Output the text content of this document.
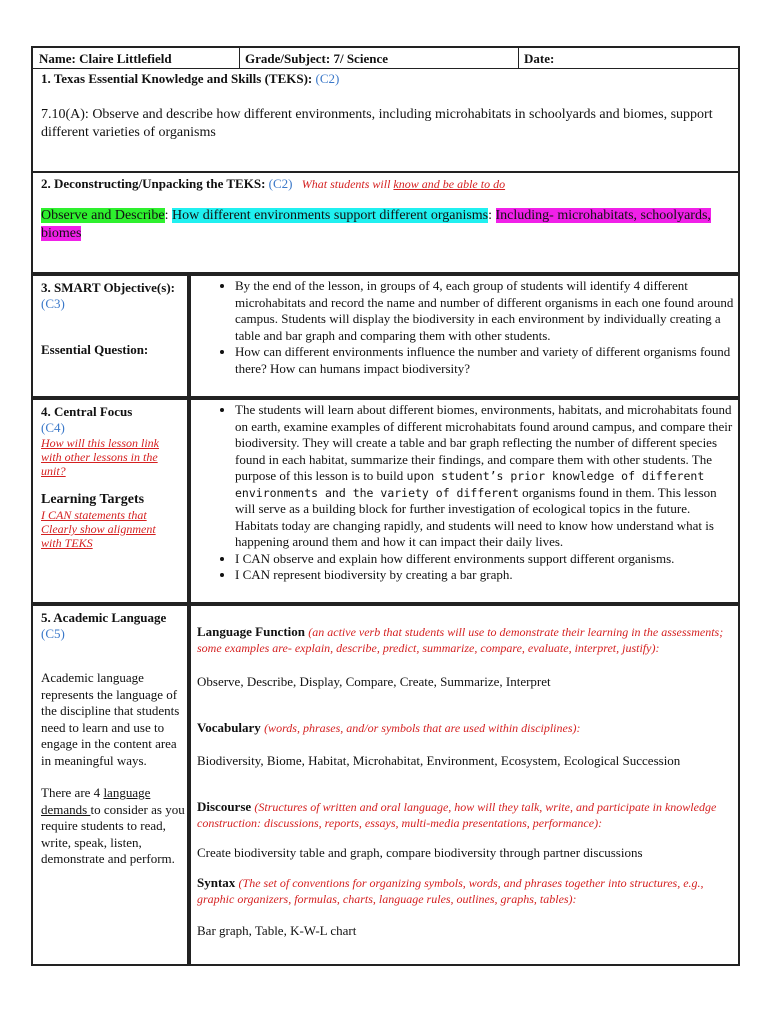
Name: Claire Littlefield	Grade/Subject: 7/ Science	Date:
1. Texas Essential Knowledge and Skills (TEKS): (C2)

7.10(A): Observe and describe how different environments, including microhabitats in schoolyards and biomes, support different varieties of organisms

2. Deconstructing/Unpacking the TEKS: (C2) What students will know and be able to do

Observe and Describe: How different environments support different organisms: Including- microhabitats, schoolyards, biomes

3. SMART Objective(s): (C3)

Essential Question:

• By the end of the lesson, in groups of 4, each group of students will identify 4 different microhabitats and record the name and number of different organisms in each one found around campus. Students will display the biodiversity in each environment by individually creating a table and bar graph and comparing them with other students.
• How can different environments influence the number and variety of different organisms found there? How can humans impact biodiversity?

4. Central Focus

(C4)

How will this lesson link with other lessons in the unit?

Learning Targets

I CAN statements that Clearly show alignment with TEKS

• The students will learn about different biomes, environments, habitats, and microhabitats found on earth, examine examples of different microhabitats found around campus, and compare their biodiversity. They will create a table and bar graph reflecting the number of different species found in each habitat, summarize their findings, and compare them with other students. The purpose of this lesson is to build upon student’s prior knowledge of different environments and the variety of different organisms found in them. This lesson will serve as a building block for further investigation of ecological topics in the future. Habitats today are changing rapidly, and students will need to know how understand what is happening around them and how it can impact their daily lives.
• I CAN observe and explain how different environments support different organisms.
• I CAN represent biodiversity by creating a bar graph.

5. Academic Language

(C5)

Academic language represents the language of the discipline that students need to learn and use to engage in the content area in meaningful ways.

There are 4 language demands to consider as you require students to read, write, speak, listen, demonstrate and perform.

Language Function (an active verb that students will use to demonstrate their learning in the assessments; some examples are- explain, describe, predict, summarize, compare, evaluate, interpret, justify):

Observe, Describe, Display, Compare, Create, Summarize, Interpret

Vocabulary (words, phrases, and/or symbols that are used within disciplines):

Biodiversity, Biome, Habitat, Microhabitat, Environment, Ecosystem, Ecological Succession

Discourse (Structures of written and oral language, how will they talk, write, and participate in knowledge construction: discussions, reports, essays, multi-media presentations, performance):

Create biodiversity table and graph, compare biodiversity through partner discussions

Syntax (The set of conventions for organizing symbols, words, and phrases together into structures, e.g., graphic organizers, formulas, charts, language rules, outlines, graphs, tables):

Bar graph, Table, K-W-L chart
